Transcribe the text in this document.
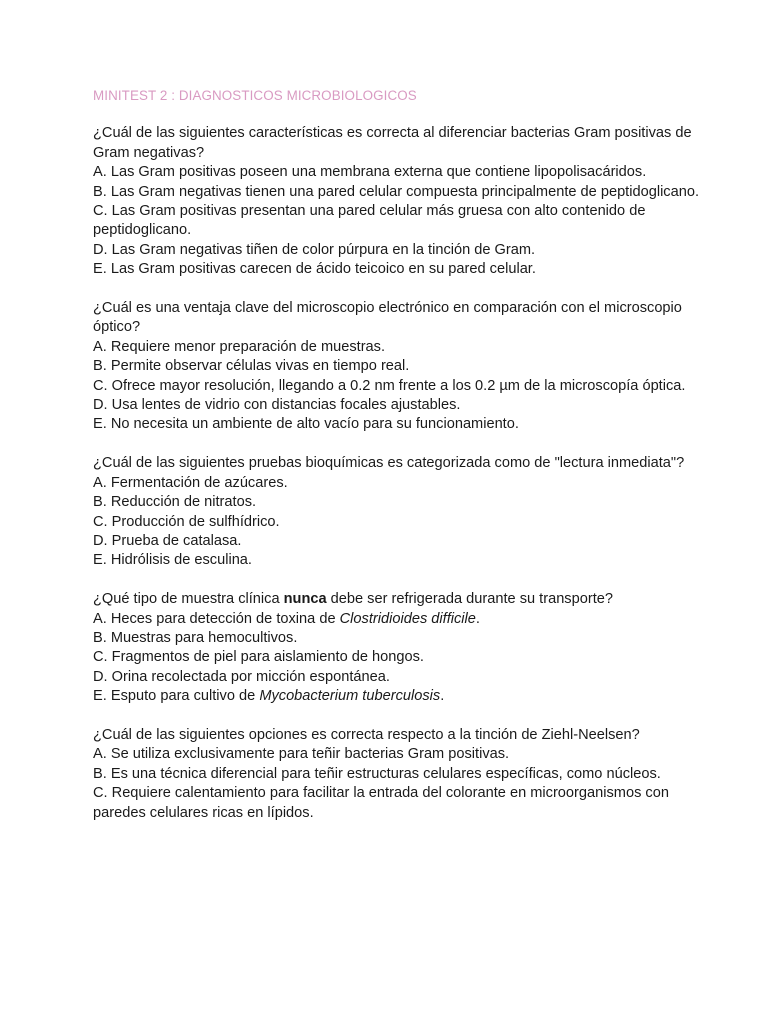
MINITEST 2 : DIAGNOSTICOS MICROBIOLOGICOS
¿Cuál de las siguientes características es correcta al diferenciar bacterias Gram positivas de Gram negativas?
A. Las Gram positivas poseen una membrana externa que contiene lipopolisacáridos.
B. Las Gram negativas tienen una pared celular compuesta principalmente de peptidoglicano.
C. Las Gram positivas presentan una pared celular más gruesa con alto contenido de peptidoglicano.
D. Las Gram negativas tiñen de color púrpura en la tinción de Gram.
E. Las Gram positivas carecen de ácido teicoico en su pared celular.
¿Cuál es una ventaja clave del microscopio electrónico en comparación con el microscopio óptico?
A. Requiere menor preparación de muestras.
B. Permite observar células vivas en tiempo real.
C. Ofrece mayor resolución, llegando a 0.2 nm frente a los 0.2 µm de la microscopía óptica.
D. Usa lentes de vidrio con distancias focales ajustables.
E. No necesita un ambiente de alto vacío para su funcionamiento.
¿Cuál de las siguientes pruebas bioquímicas es categorizada como de "lectura inmediata"?
A. Fermentación de azúcares.
B. Reducción de nitratos.
C. Producción de sulfhídrico.
D. Prueba de catalasa.
E. Hidrólisis de esculina.
¿Qué tipo de muestra clínica nunca debe ser refrigerada durante su transporte?
A. Heces para detección de toxina de Clostridioides difficile.
B. Muestras para hemocultivos.
C. Fragmentos de piel para aislamiento de hongos.
D. Orina recolectada por micción espontánea.
E. Esputo para cultivo de Mycobacterium tuberculosis.
¿Cuál de las siguientes opciones es correcta respecto a la tinción de Ziehl-Neelsen?
A. Se utiliza exclusivamente para teñir bacterias Gram positivas.
B. Es una técnica diferencial para teñir estructuras celulares específicas, como núcleos.
C. Requiere calentamiento para facilitar la entrada del colorante en microorganismos con paredes celulares ricas en lípidos.
